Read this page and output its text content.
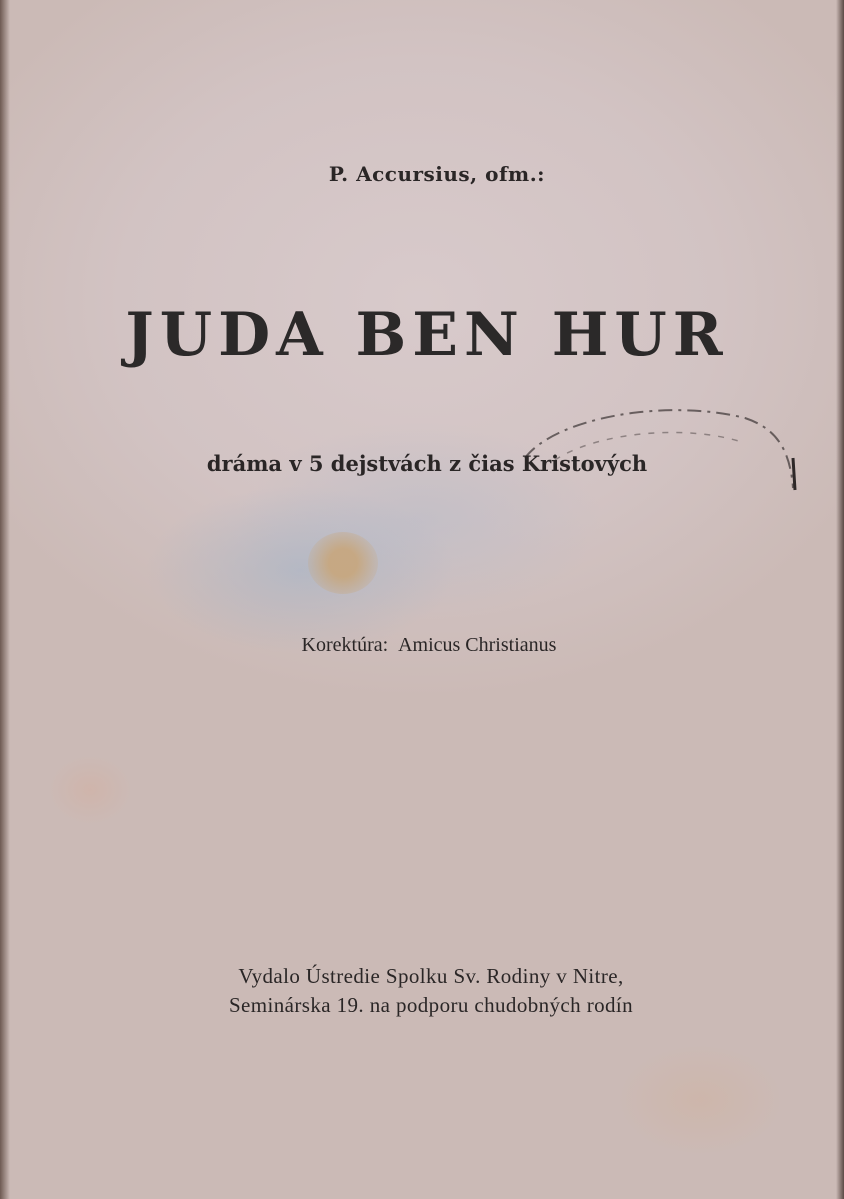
P. Accursius, ofm.:
JUDA BEN HUR
dráma v 5 dejstvách z čias Kristových
Korektúra: Amicus Christianus
Vydalo Ústredie Spolku Sv. Rodiny v Nitre,
Seminárska 19. na podporu chudobných rodín
